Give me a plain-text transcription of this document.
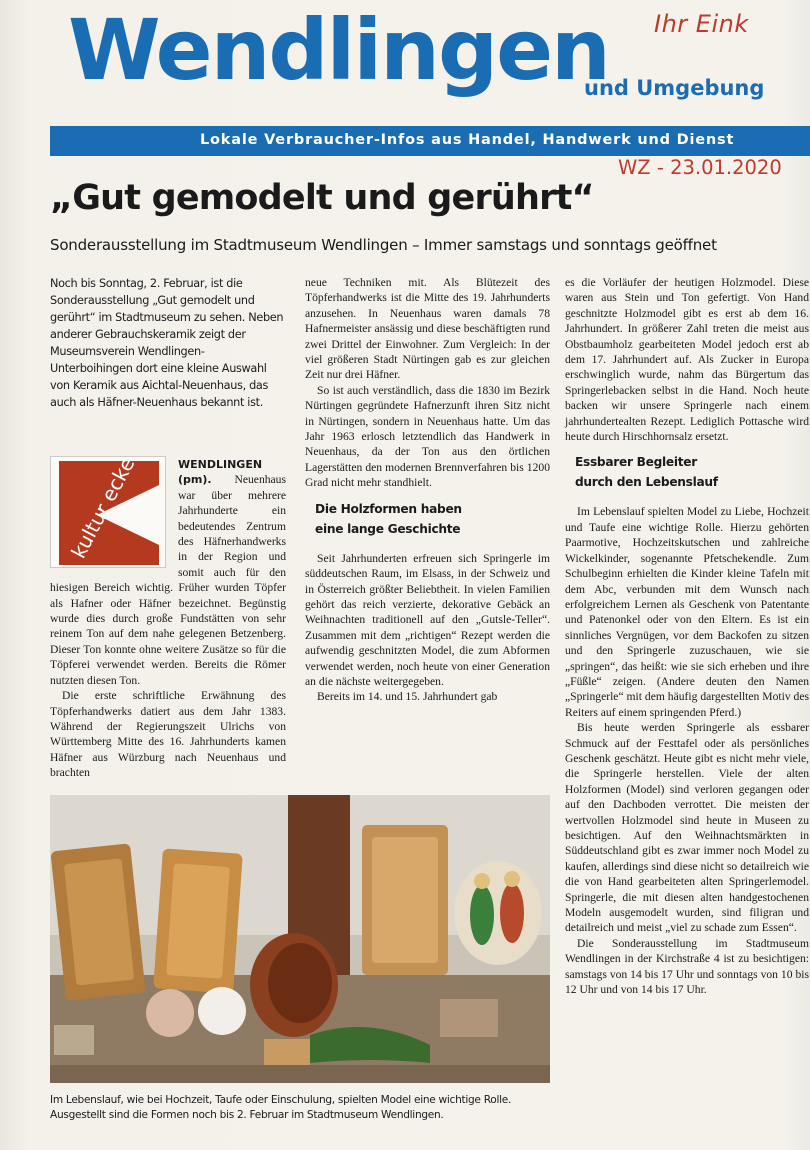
Wendlingen
und Umgebung
Ihr Eink
Lokale Verbraucher-Infos aus Handel, Handwerk und Dienst
WZ - 23.01.2020
„Gut gemodelt und gerührt“
Sonderausstellung im Stadtmuseum Wendlingen – Immer samstags und sonntags geöffnet
Noch bis Sonntag, 2. Februar, ist die Sonderausstellung „Gut gemodelt und gerührt“ im Stadtmuseum zu sehen. Neben anderer Gebrauchskeramik zeigt der Museumsverein Wendlingen-Unterboihingen dort eine kleine Auswahl von Keramik aus Aichtal-Neuenhaus, das auch als Häfner-Neuenhaus bekannt ist.
kultur ecke	WENDLINGEN (pm). Neuenhaus war über mehrere Jahrhunderte ein bedeutendes Zentrum des Häfnerhandwerks in der Region und somit auch für den hiesigen Bereich wichtig. Früher wurden Töpfer als Hafner oder Häfner bezeichnet. Begünstig wurde dies durch große Fundstätten von sehr reinem Ton auf dem nahe gelegenen Betzenberg. Dieser Ton konnte ohne weitere Zusätze so für die Töpferei verwendet werden. Bereits die Römer nutzten diesen Ton.

Die erste schriftliche Erwähnung des Töpferhandwerks datiert aus dem Jahr 1383. Während der Regierungszeit Ulrichs von Württemberg Mitte des 16. Jahrhunderts kamen Häfner aus Würzburg nach Neuenhaus und brachten

neue Techniken mit. Als Blütezeit des Töpferhandwerks ist die Mitte des 19. Jahrhunderts anzusehen. In Neuenhaus waren damals 78 Hafnermeister ansässig und diese beschäftigten rund zwei Drittel der Einwohner. Zum Vergleich: In der viel größeren Stadt Nürtingen gab es zur gleichen Zeit nur drei Häfner.

So ist auch verständlich, dass die 1830 im Bezirk Nürtingen gegründete Hafnerzunft ihren Sitz nicht in Nürtingen, sondern in Neuenhaus hatte. Um das Jahr 1963 erlosch letztendlich das Handwerk in Neuenhaus, da der Ton aus den örtlichen Lagerstätten den modernen Brennverfahren bis 1200 Grad nicht mehr standhielt.

Die Holzformen haben
eine lange Geschichte

Seit Jahrhunderten erfreuen sich Springerle im süddeutschen Raum, im Elsass, in der Schweiz und in Österreich größter Beliebtheit. In vielen Familien gehört das reich verzierte, dekorative Gebäck an Weihnachten traditionell auf den „Gutsle-Teller“. Zusammen mit dem „richtigen“ Rezept werden die aufwendig geschnitzten Model, die zum Abformen verwendet werden, noch heute von einer Generation an die nächste weitergegeben.

Bereits im 14. und 15. Jahrhundert gab

es die Vorläufer der heutigen Holzmodel. Diese waren aus Stein und Ton gefertigt. Von Hand geschnitzte Holzmodel gibt es erst ab dem 16. Jahrhundert. In größerer Zahl treten die meist aus Obstbaumholz gearbeiteten Model jedoch erst ab dem 17. Jahrhundert auf. Als Zucker in Europa erschwinglich wurde, nahm das Bürgertum das Springerlebacken selbst in die Hand. Noch heute backen wir unsere Springerle nach einem jahrhundertealten Rezept. Lediglich Pottasche wird heute durch Hirschhornsalz ersetzt.

Essbarer Begleiter
durch den Lebenslauf

Im Lebenslauf spielten Model zu Liebe, Hochzeit und Taufe eine wichtige Rolle. Hierzu gehörten Paarmotive, Hochzeitskutschen und zahlreiche Wickelkinder, sogenannte Pfetschekendle. Zum Schulbeginn erhielten die Kinder kleine Tafeln mit dem Abc, verbunden mit dem Wunsch nach erfolgreichem Lernen als Geschenk von Patentante und Patenonkel oder von den Eltern. Es ist ein sinnliches Vergnügen, vor dem Backofen zu sitzen und den Springerle zuzuschauen, wie sie „springen“, das heißt: wie sie sich erheben und ihre „Füßle“ zeigen. (Andere deuten den Namen „Springerle“ mit dem häufig dargestellten Motiv des Reiters auf einem springenden Pferd.)

Bis heute werden Springerle als essbarer Schmuck auf der Festtafel oder als persönliches Geschenk geschätzt. Heute gibt es nicht mehr viele, die Springerle herstellen. Viele der alten Holzformen (Model) sind verloren gegangen oder auf den Dachboden verrottet. Die meisten der wertvollen Holzmodel sind heute in Museen zu besichtigen. Auf den Weihnachtsmärkten in Süddeutschland gibt es zwar immer noch Model zu kaufen, allerdings sind diese nicht so detailreich wie die von Hand gearbeiteten alten Springerlemodel. Springerle, die mit diesen alten handgestochenen Modeln ausgemodelt wurden, sind filigran und detailreich und meist „viel zu schade zum Essen“.

Die Sonderausstellung im Stadtmuseum Wendlingen in der Kirchstraße 4 ist zu besichtigen: samstags von 14 bis 17 Uhr und sonntags von 10 bis 12 Uhr und von 14 bis 17 Uhr.

Im Lebenslauf, wie bei Hochzeit, Taufe oder Einschulung, spielten Model eine wichtige Rolle. Ausgestellt sind die Formen noch bis 2. Februar im Stadtmuseum Wendlingen.
